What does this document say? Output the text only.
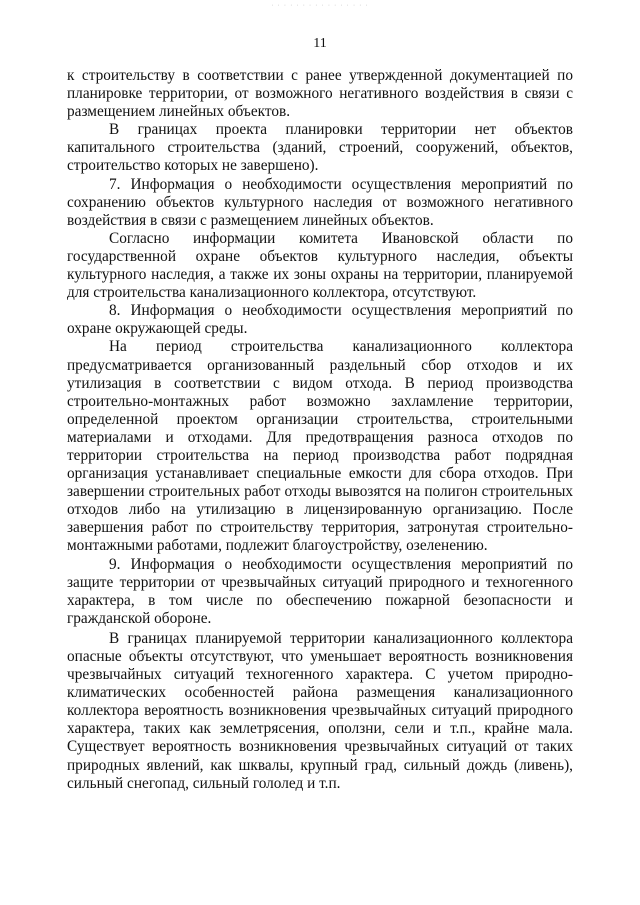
· · · · · · · · · · · · · · · ·
11

к строительству в соответствии с ранее утвержденной документацией по планировке территории, от возможного негативного воздействия в связи с размещением линейных объектов.

В границах проекта планировки территории нет объектов капитального строительства (зданий, строений, сооружений, объектов, строительство которых не завершено).

7. Информация о необходимости осуществления мероприятий по сохранению объектов культурного наследия от возможного негативного воздействия в связи с размещением линейных объектов.

Согласно информации комитета Ивановской области по государственной охране объектов культурного наследия, объекты культурного наследия, а также их зоны охраны на территории, планируемой для строительства канализационного коллектора, отсутствуют.

8. Информация о необходимости осуществления мероприятий по охране окружающей среды.

На период строительства канализационного коллектора предусматривается организованный раздельный сбор отходов и их утилизация в соответствии с видом отхода. В период производства строительно-монтажных работ возможно захламление территории, определенной проектом организации строительства, строительными материалами и отходами. Для предотвращения разноса отходов по территории строительства на период производства работ подрядная организация устанавливает специальные емкости для сбора отходов. При завершении строительных работ отходы вывозятся на полигон строительных отходов либо на утилизацию в лицензированную организацию. После завершения работ по строительству территория, затронутая строительно-монтажными работами, подлежит благоустройству, озеленению.

9. Информация о необходимости осуществления мероприятий по защите территории от чрезвычайных ситуаций природного и техногенного характера, в том числе по обеспечению пожарной безопасности и гражданской обороне.

В границах планируемой территории канализационного коллектора опасные объекты отсутствуют, что уменьшает вероятность возникновения чрезвычайных ситуаций техногенного характера. С учетом природно-климатических особенностей района размещения канализационного коллектора вероятность возникновения чрезвычайных ситуаций природного характера, таких как землетрясения, оползни, сели и т.п., крайне мала. Существует вероятность возникновения чрезвычайных ситуаций от таких природных явлений, как шквалы, крупный град, сильный дождь (ливень), сильный снегопад, сильный гололед и т.п.
